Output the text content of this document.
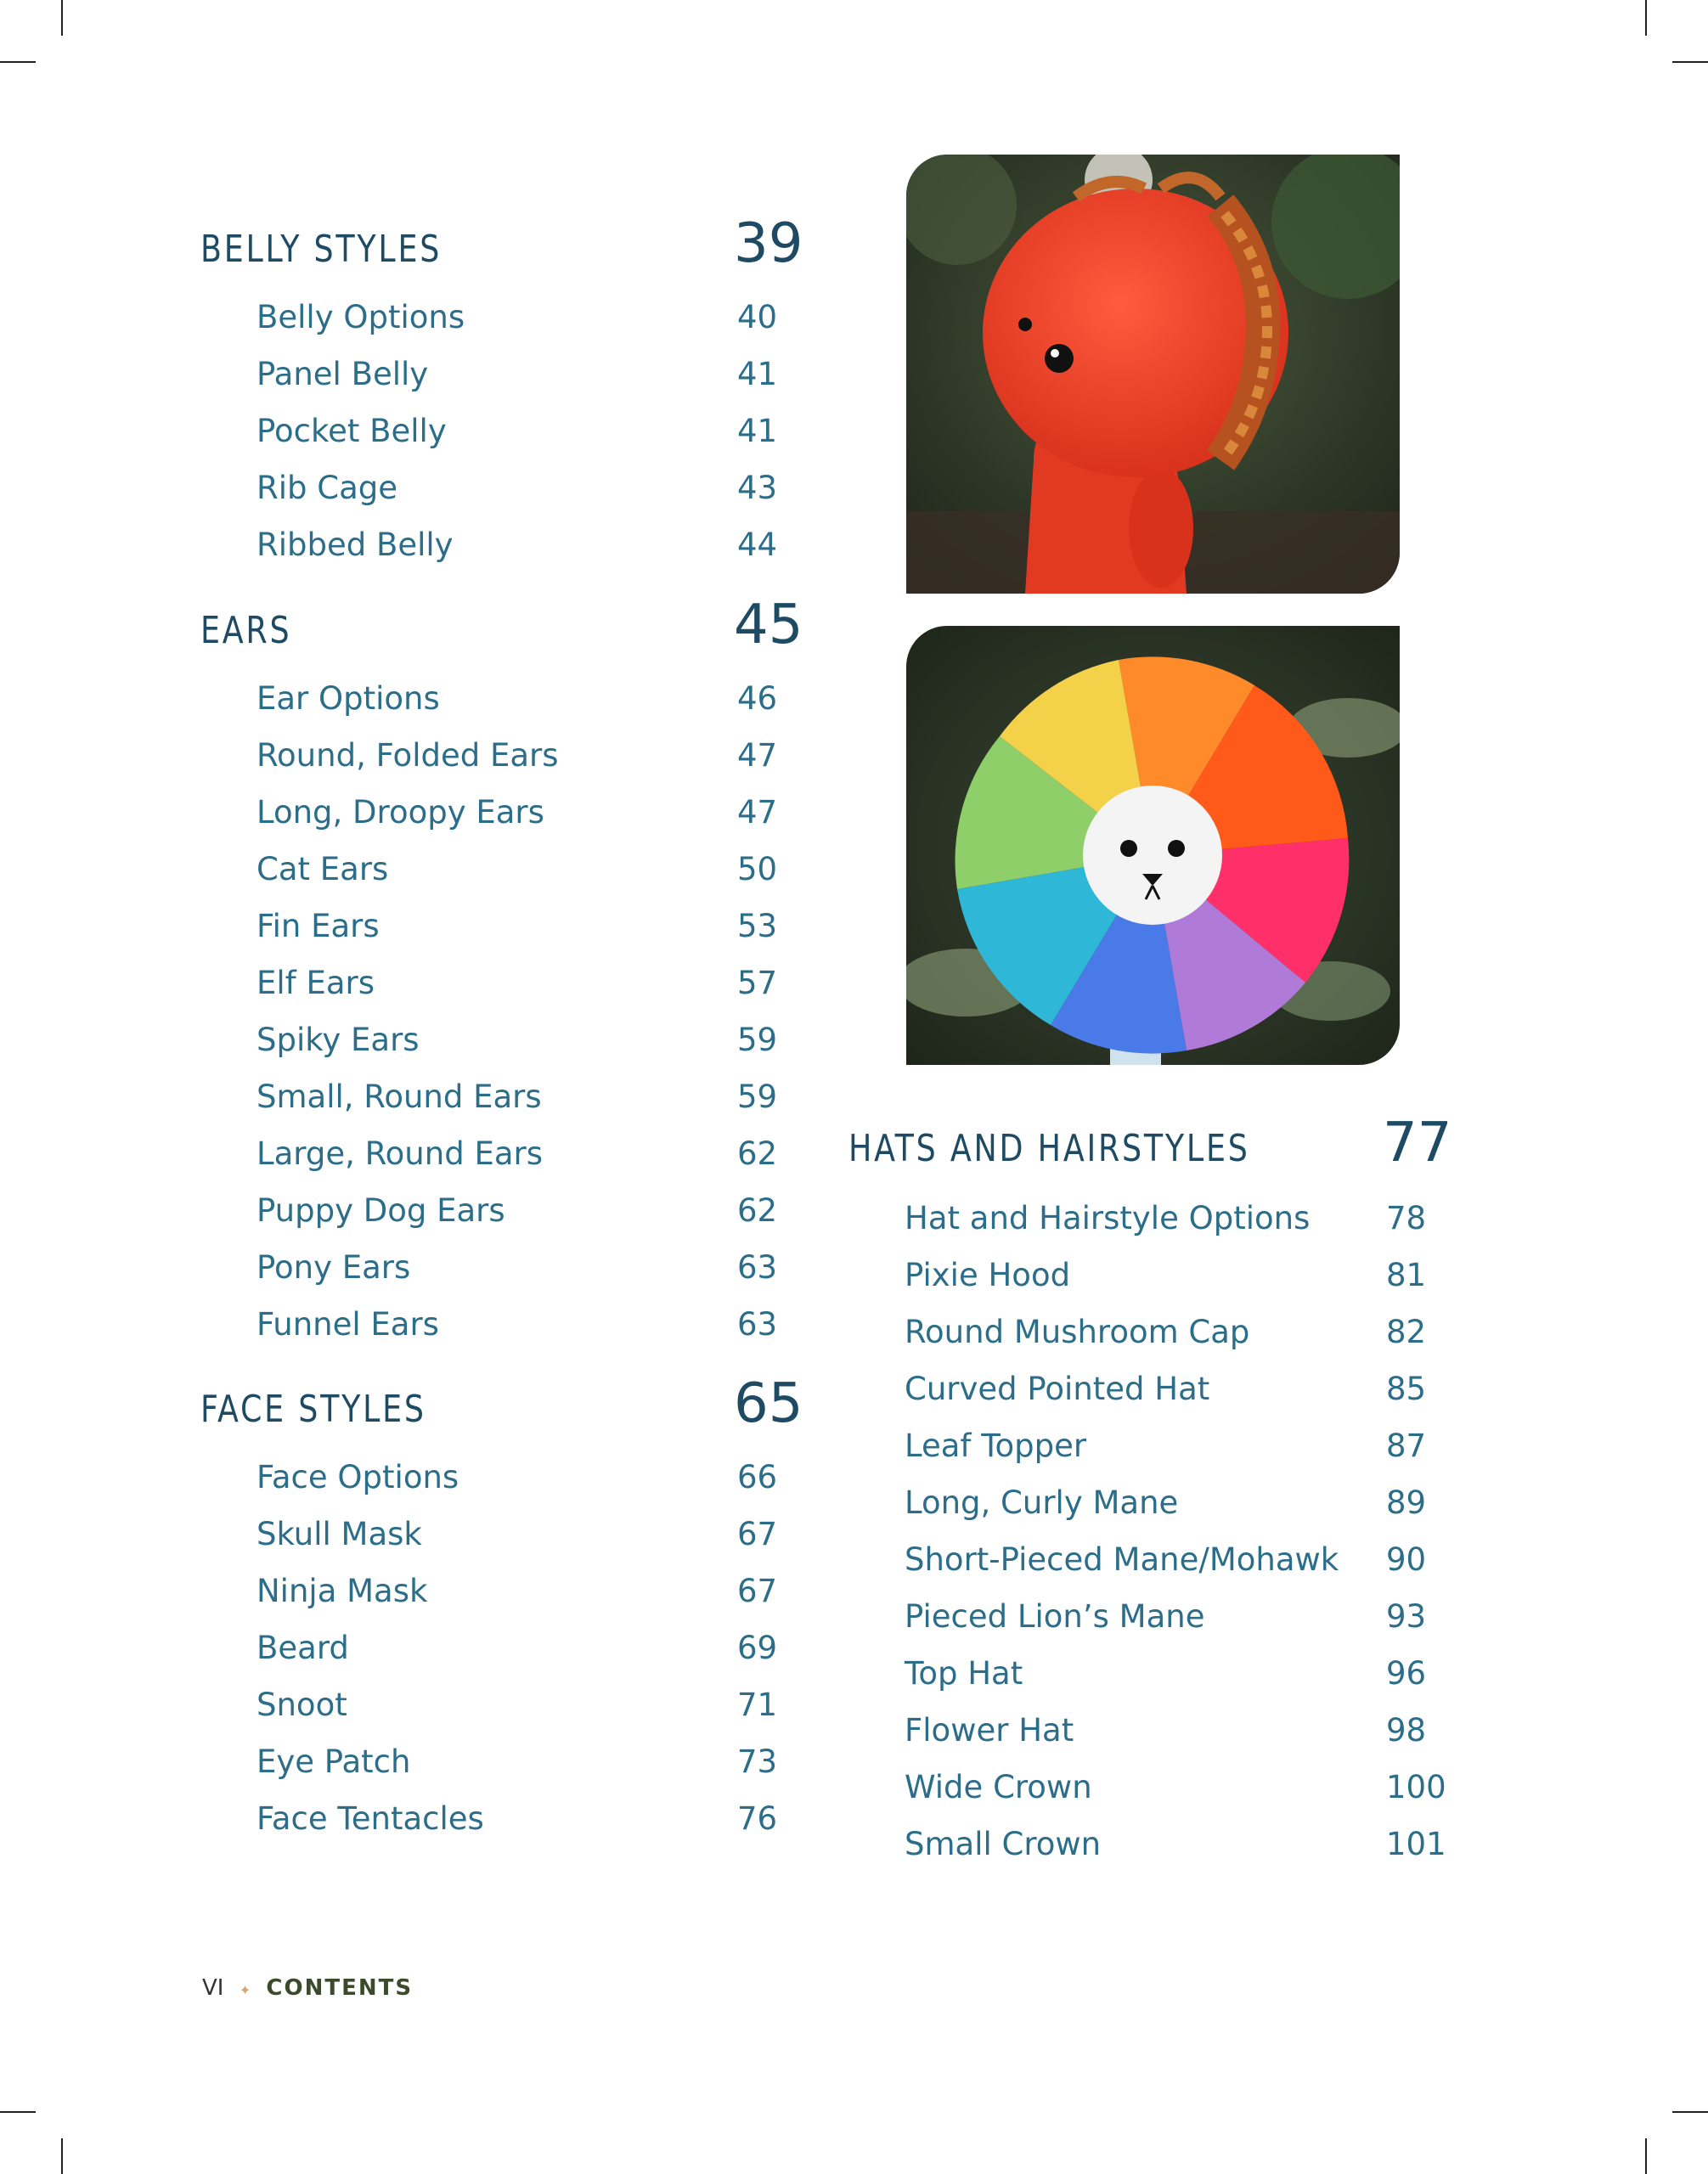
BELLY STYLES	39
Belly Options	40
Panel Belly	41
Pocket Belly	41
Rib Cage	43
Ribbed Belly	44
EARS	45
Ear Options	46
Round, Folded Ears	47
Long, Droopy Ears	47
Cat Ears	50
Fin Ears	53
Elf Ears	57
Spiky Ears	59
Small, Round Ears	59
Large, Round Ears	62
Puppy Dog Ears	62
Pony Ears	63
Funnel Ears	63
FACE STYLES	65
Face Options	66
Skull Mask	67
Ninja Mask	67
Beard	69
Snoot	71
Eye Patch	73
Face Tentacles	76
HATS AND HAIRSTYLES 77
Hat and Hairstyle Options 78
Pixie Hood	81
Round Mushroom Cap	82
Curved Pointed Hat	85
Leaf Topper	87
Long, Curly Mane	89
Short-Pieced Mane/Mohawk 90
Pieced Lion’s Mane	93
Top Hat	96
Flower Hat	98
Wide Crown	100
Small Crown	101
VI ✦ CONTENTS
